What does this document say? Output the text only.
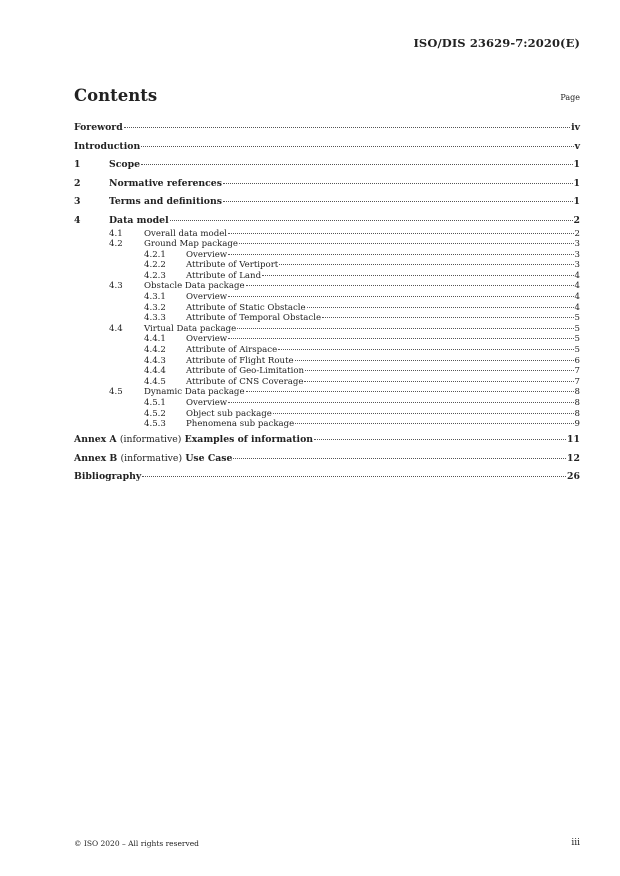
ISO/DIS 23629-7:2020(E)
Contents	Page
Foreword	iv
Introduction	v
1	Scope	1
2	Normative references	1
3	Terms and definitions	1
4	Data model	2
4.1	Overall data model	2
4.2	Ground Map package	3
4.2.1	Overview	3
4.2.2	Attribute of Vertiport	3
4.2.3	Attribute of Land	4
4.3	Obstacle Data package	4
4.3.1	Overview	4
4.3.2	Attribute of Static Obstacle	4
4.3.3	Attribute of Temporal Obstacle	5
4.4	Virtual Data package	5
4.4.1	Overview	5
4.4.2	Attribute of Airspace	5
4.4.3	Attribute of Flight Route	6
4.4.4	Attribute of Geo-Limitation	7
4.4.5	Attribute of CNS Coverage	7
4.5	Dynamic Data package	8
4.5.1	Overview	8
4.5.2	Object sub package	8
4.5.3	Phenomena sub package	9
Annex A (informative) Examples of information	11
Annex B (informative) Use Case	12
Bibliography	26
© ISO 2020 – All rights reserved	iii
